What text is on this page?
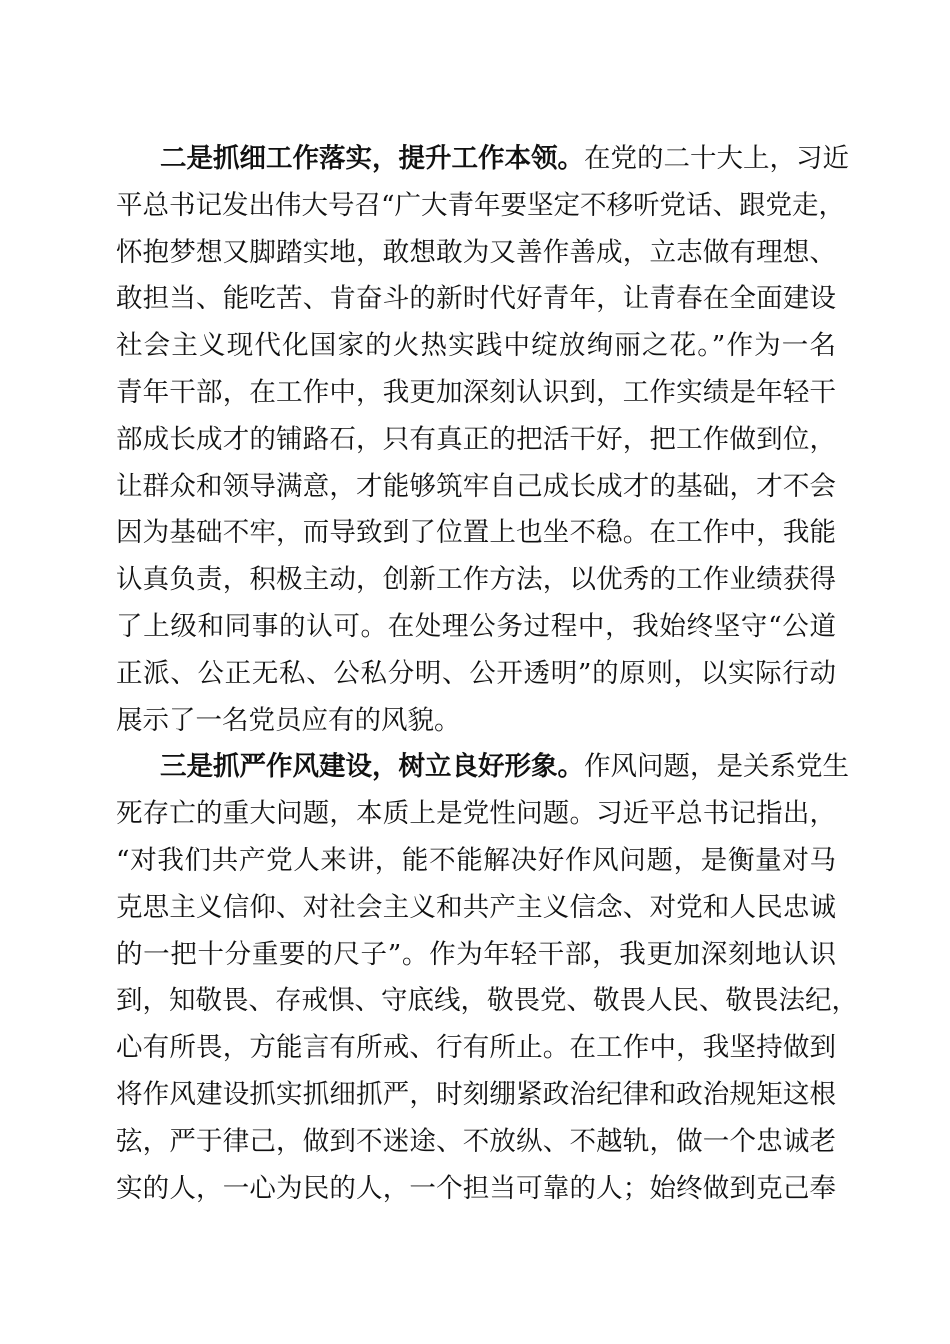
二是抓细工作落实，提升工作本领。在党的二十大上，习近
平总书记发出伟大号召“广大青年要坚定不移听党话、跟党走，
怀抱梦想又脚踏实地，敢想敢为又善作善成，立志做有理想、
敢担当、能吃苦、肯奋斗的新时代好青年，让青春在全面建设
社会主义现代化国家的火热实践中绽放绚丽之花。”作为一名
青年干部，在工作中，我更加深刻认识到，工作实绩是年轻干
部成长成才的铺路石，只有真正的把活干好，把工作做到位，
让群众和领导满意，才能够筑牢自己成长成才的基础，才不会
因为基础不牢，而导致到了位置上也坐不稳。在工作中，我能
认真负责，积极主动，创新工作方法，以优秀的工作业绩获得
了上级和同事的认可。在处理公务过程中，我始终坚守“公道
正派、公正无私、公私分明、公开透明”的原则，以实际行动
展示了一名党员应有的风貌。
三是抓严作风建设，树立良好形象。作风问题，是关系党生
死存亡的重大问题，本质上是党性问题。习近平总书记指出，
“对我们共产党人来讲，能不能解决好作风问题，是衡量对马
克思主义信仰、对社会主义和共产主义信念、对党和人民忠诚
的一把十分重要的尺子”。作为年轻干部，我更加深刻地认识
到，知敬畏、存戒惧、守底线，敬畏党、敬畏人民、敬畏法纪，
心有所畏，方能言有所戒、行有所止。在工作中，我坚持做到
将作风建设抓实抓细抓严，时刻绷紧政治纪律和政治规矩这根
弦，严于律己，做到不迷途、不放纵、不越轨，做一个忠诚老
实的人，一心为民的人，一个担当可靠的人；始终做到克己奉
